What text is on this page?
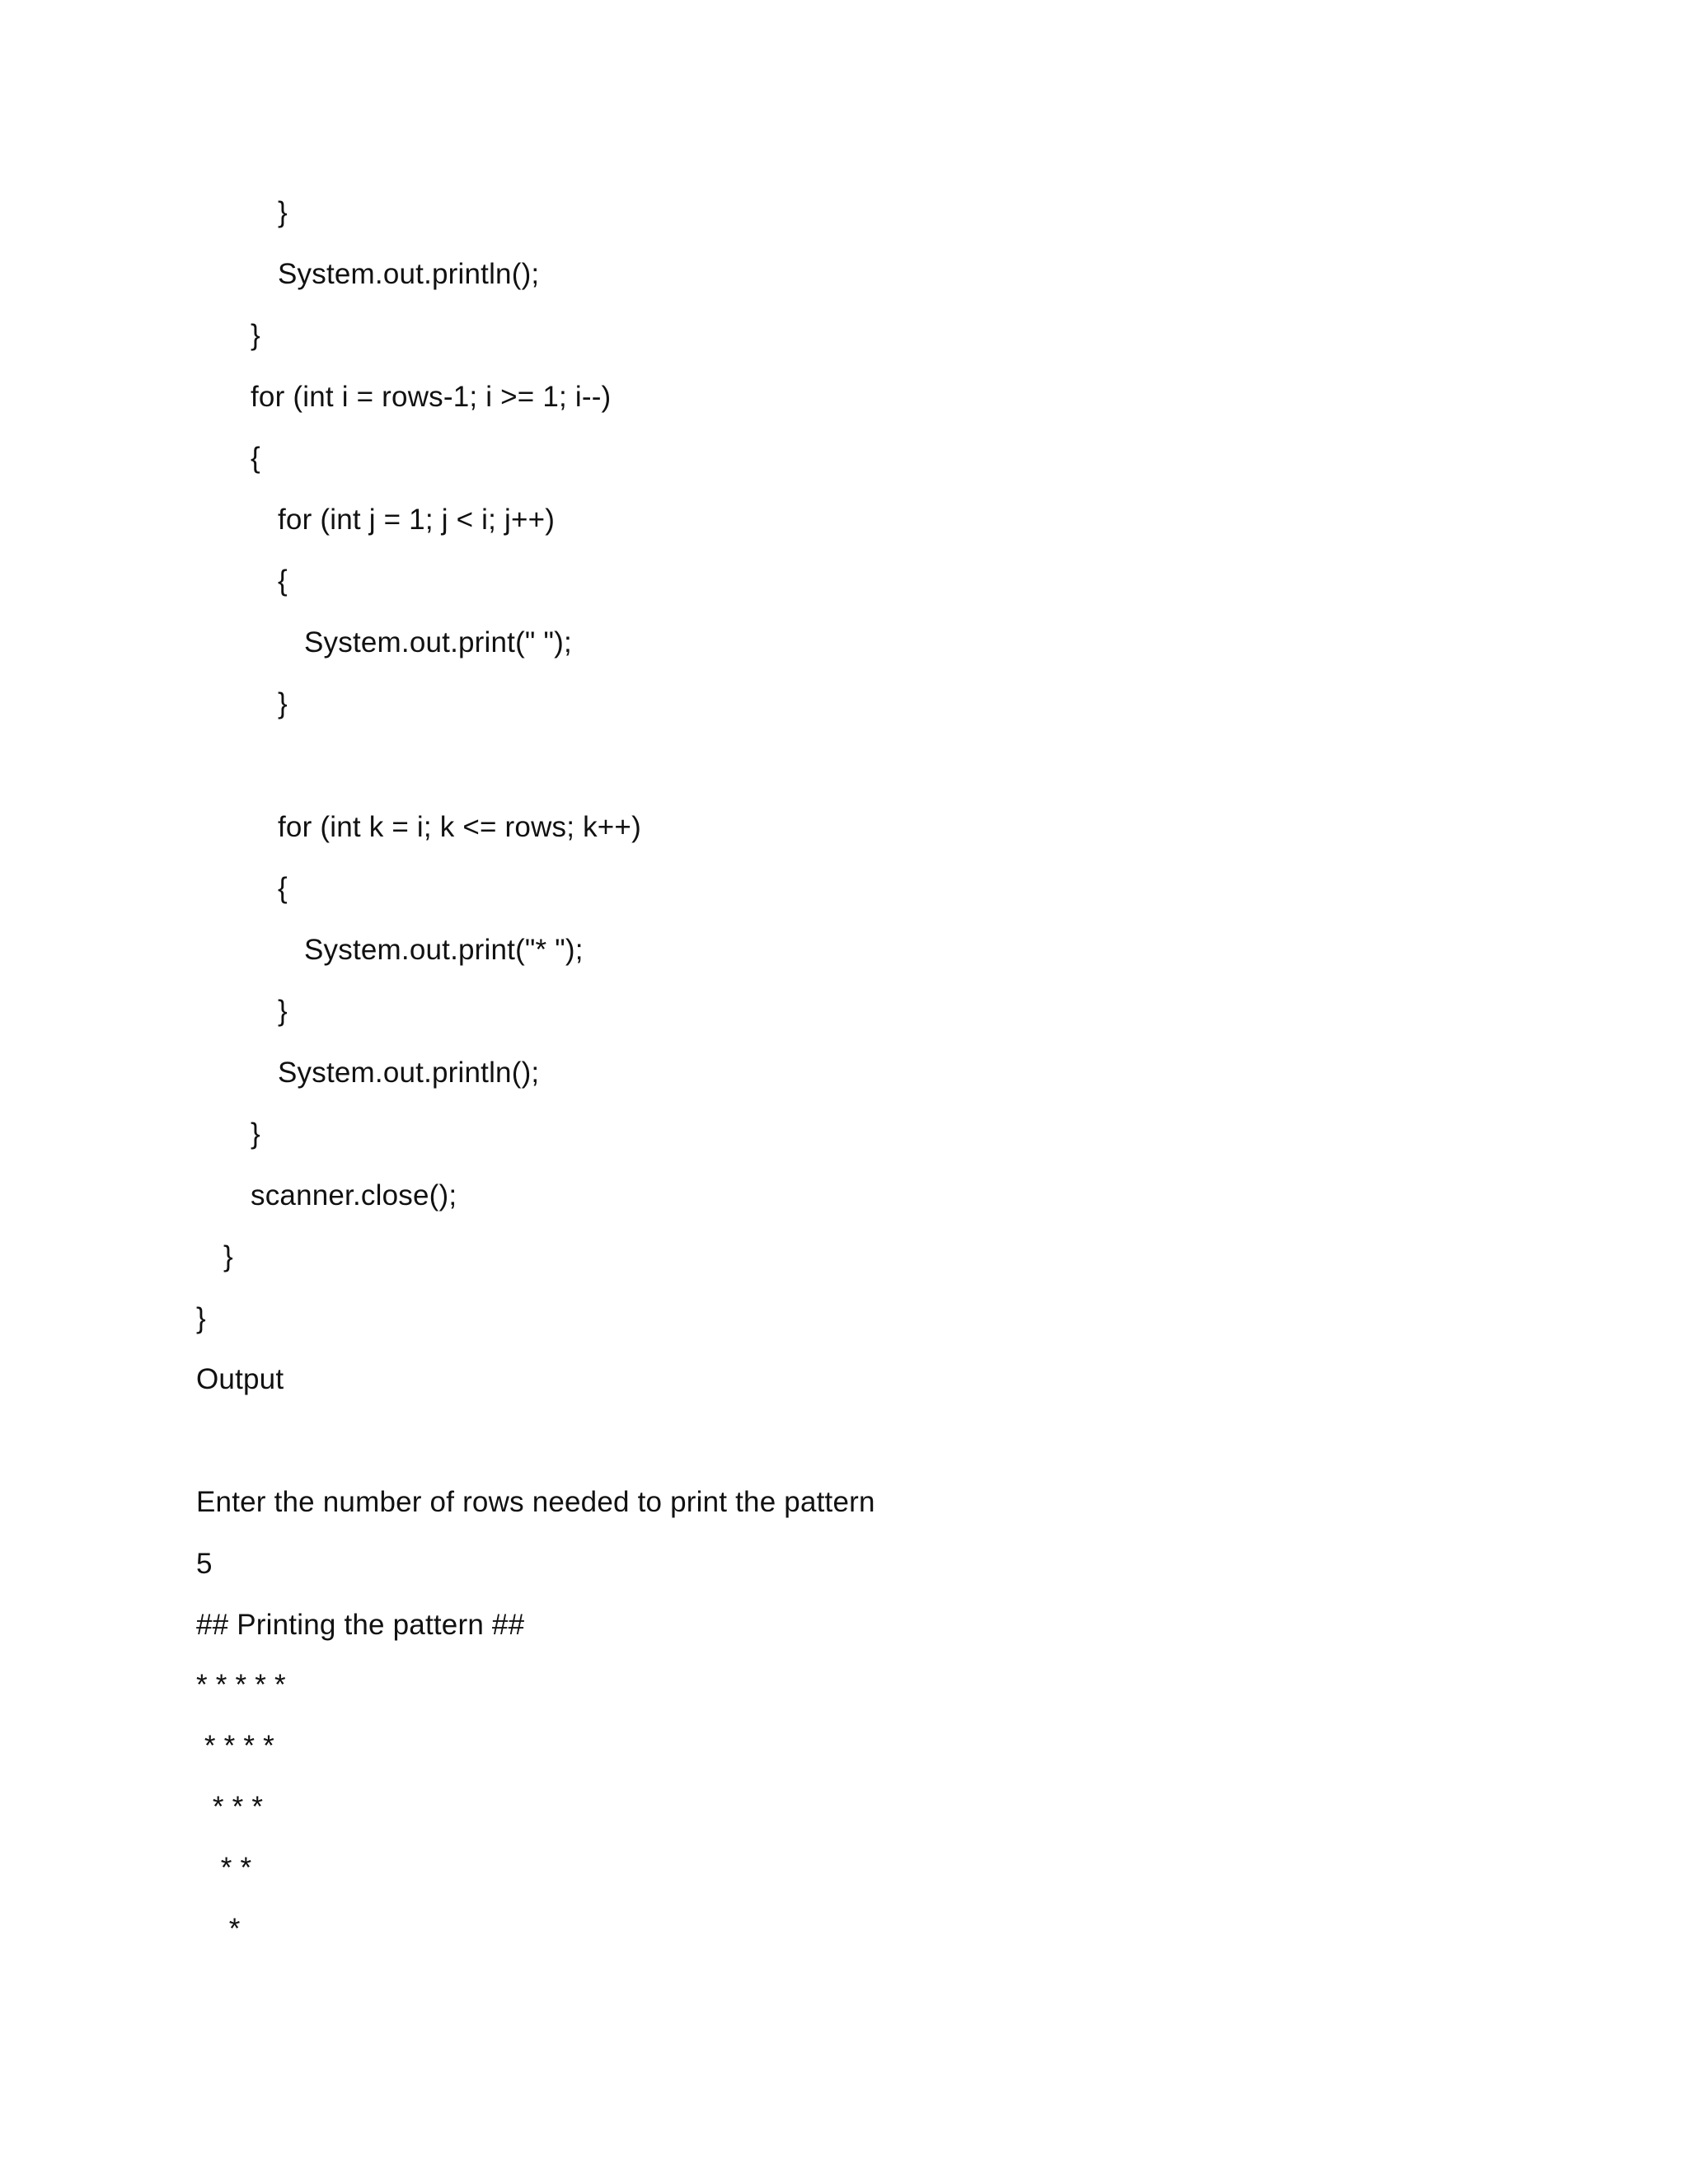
}
System.out.println();
}
for (int i = rows-1; i >= 1; i--)
{
for (int j = 1; j < i; j++)
{
System.out.print(" ");
}
for (int k = i; k <= rows; k++)
{
System.out.print("* ");
}
System.out.println();
}
scanner.close();
}
}
Output
Enter the number of rows needed to print the pattern
5
## Printing the pattern ##
* * * * *
* * * *
* * *
* *
*
